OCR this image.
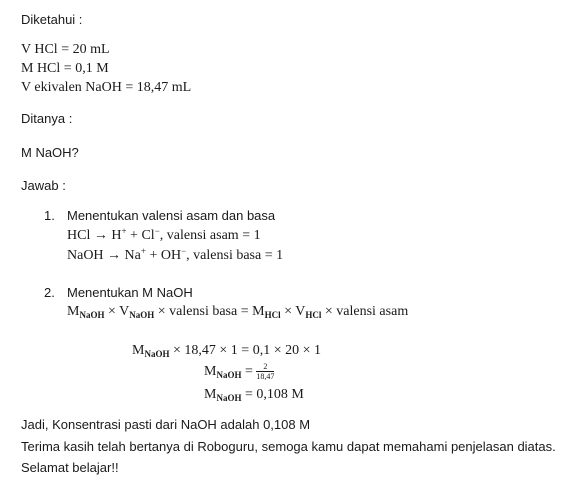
Diketahui :
V HCl = 20 mL
M HCl = 0,1 M
V ekivalen NaOH = 18,47 mL
Ditanya :
M NaOH?
Jawab :
1. Menentukan valensi asam dan basa
HCl → H+ + Cl−, valensi asam = 1
NaOH → Na+ + OH−, valensi basa = 1
2. Menentukan M NaOH
$M_{NaOH} \times V_{NaOH}$ × valensi basa = $M_{HCl} \times V_{HCl}$ × valensi asam
$M_{NaOH} \times 18,47 \times 1 = 0,1 \times 20 \times 1$
$M_{NaOH} = \frac{2}{18,47}$
$M_{NaOH} = 0,108$ M
Jadi, Konsentrasi pasti dari NaOH adalah 0,108 M
Terima kasih telah bertanya di Roboguru, semoga kamu dapat memahami penjelasan diatas.
Selamat belajar!!
